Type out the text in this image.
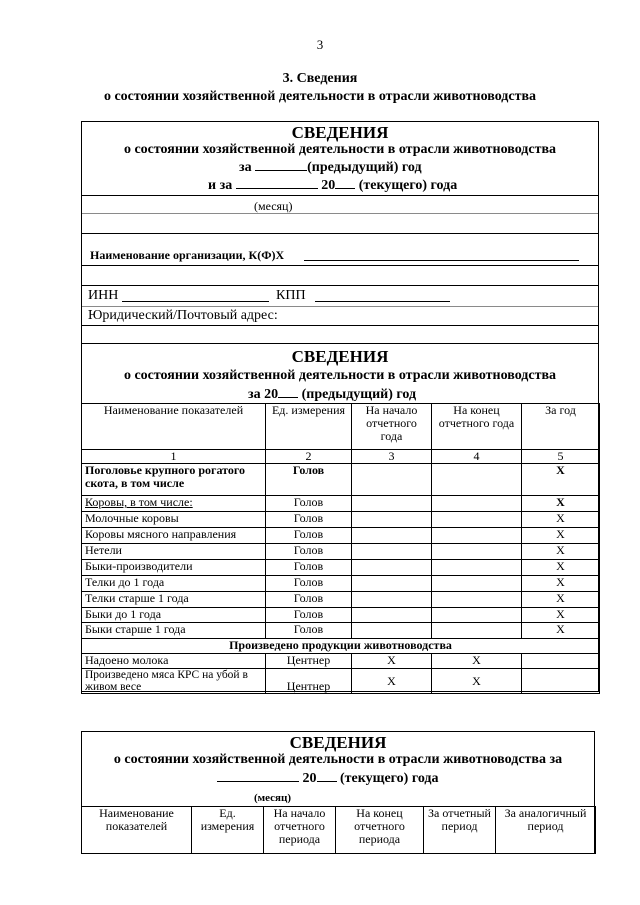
3
3. Сведения
о состоянии хозяйственной деятельности в отрасли животноводства
СВЕДЕНИЯ
о состоянии хозяйственной деятельности в отрасли животноводства
за	(предыдущий) год
и за	20 (текущего) года
(месяц)
Наименование организации, К(Ф)Х
ИНН	КПП
Юридический/Почтовый адрес:
СВЕДЕНИЯ
о состоянии хозяйственной деятельности в отрасли животноводства
за 20 (предыдущий) год
Наименование показателей	Ед. измерения	На начало отчетного года	На конец отчетного года	За год
1	2	3	4	5
Поголовье крупного рогатого скота, в том числе	Голов			X
Коровы, в том числе:	Голов			X
Молочные коровы	Голов			X
Коровы мясного направления	Голов			X
Нетели	Голов			X
Быки-производители	Голов			X
Телки до 1 года	Голов			X
Телки старше 1 года	Голов			X
Быки до 1 года	Голов			X
Быки старше 1 года	Голов			X
Произведено продукции животноводства				
Надоено молока	Центнер	X	X	
Произведено мяса КРС на убой в живом весе	Центнер	X	X	
СВЕДЕНИЯ
о состоянии хозяйственной деятельности в отрасли животноводства за
20 (текущего) года
(месяц)
Наименование показателей	Ед. измерения	На начало отчетного периода	На конец отчетного периода	За отчетный период	За аналогичный период
